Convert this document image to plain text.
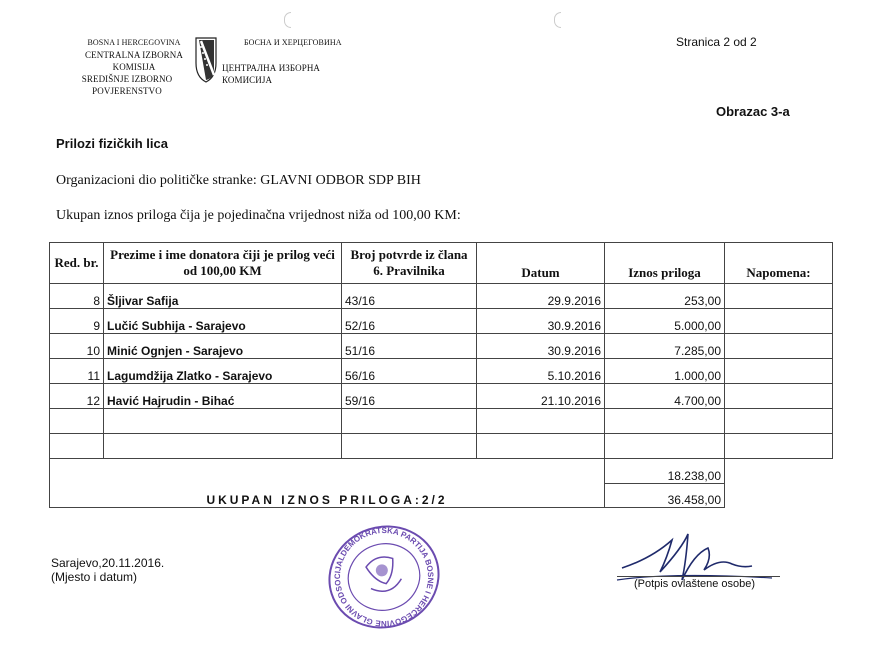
BOSNA I HERCEGOVINA
CENTRALNA IZBORNA KOMISIJA
SREDIŠNJE IZBORNO POVJERENSTVO
БОСНА И ХЕРЦЕГОВИНА
ЦЕНТРАЛНА ИЗБОРНА КОМИСИЈА
Stranica 2 od 2
Obrazac 3-a
Prilozi fizičkih lica
Organizacioni dio političke stranke: GLAVNI ODBOR SDP BIH
Ukupan iznos priloga čija je pojedinačna vrijednost niža od 100,00 KM:
Red. br.	Prezime i ime donatora čiji je prilog veći od 100,00 KM	Broj potvrde iz člana 6. Pravilnika	Datum	Iznos priloga	Napomena:
8	Šljivar Safija	43/16	29.9.2016	253,00	
9	Lučić Subhija - Sarajevo	52/16	30.9.2016	5.000,00	
10	Minić Ognjen - Sarajevo	51/16	30.9.2016	7.285,00	
11	Lagumdžija Zlatko - Sarajevo	56/16	5.10.2016	1.000,00	
12	Havić Hajrudin - Bihać	59/16	21.10.2016	4.700,00	

				18.238,00	
UKUPAN IZNOS PRILOGA:2/2				36.458,00	
Sarajevo,20.11.2016.
(Mjesto i datum)
SOCIJALDEMOKRATSKA PARTIJA BOSNE I HERCEGOVINE GLAVNI ODBOR
(Potpis ovlaštene osobe)
